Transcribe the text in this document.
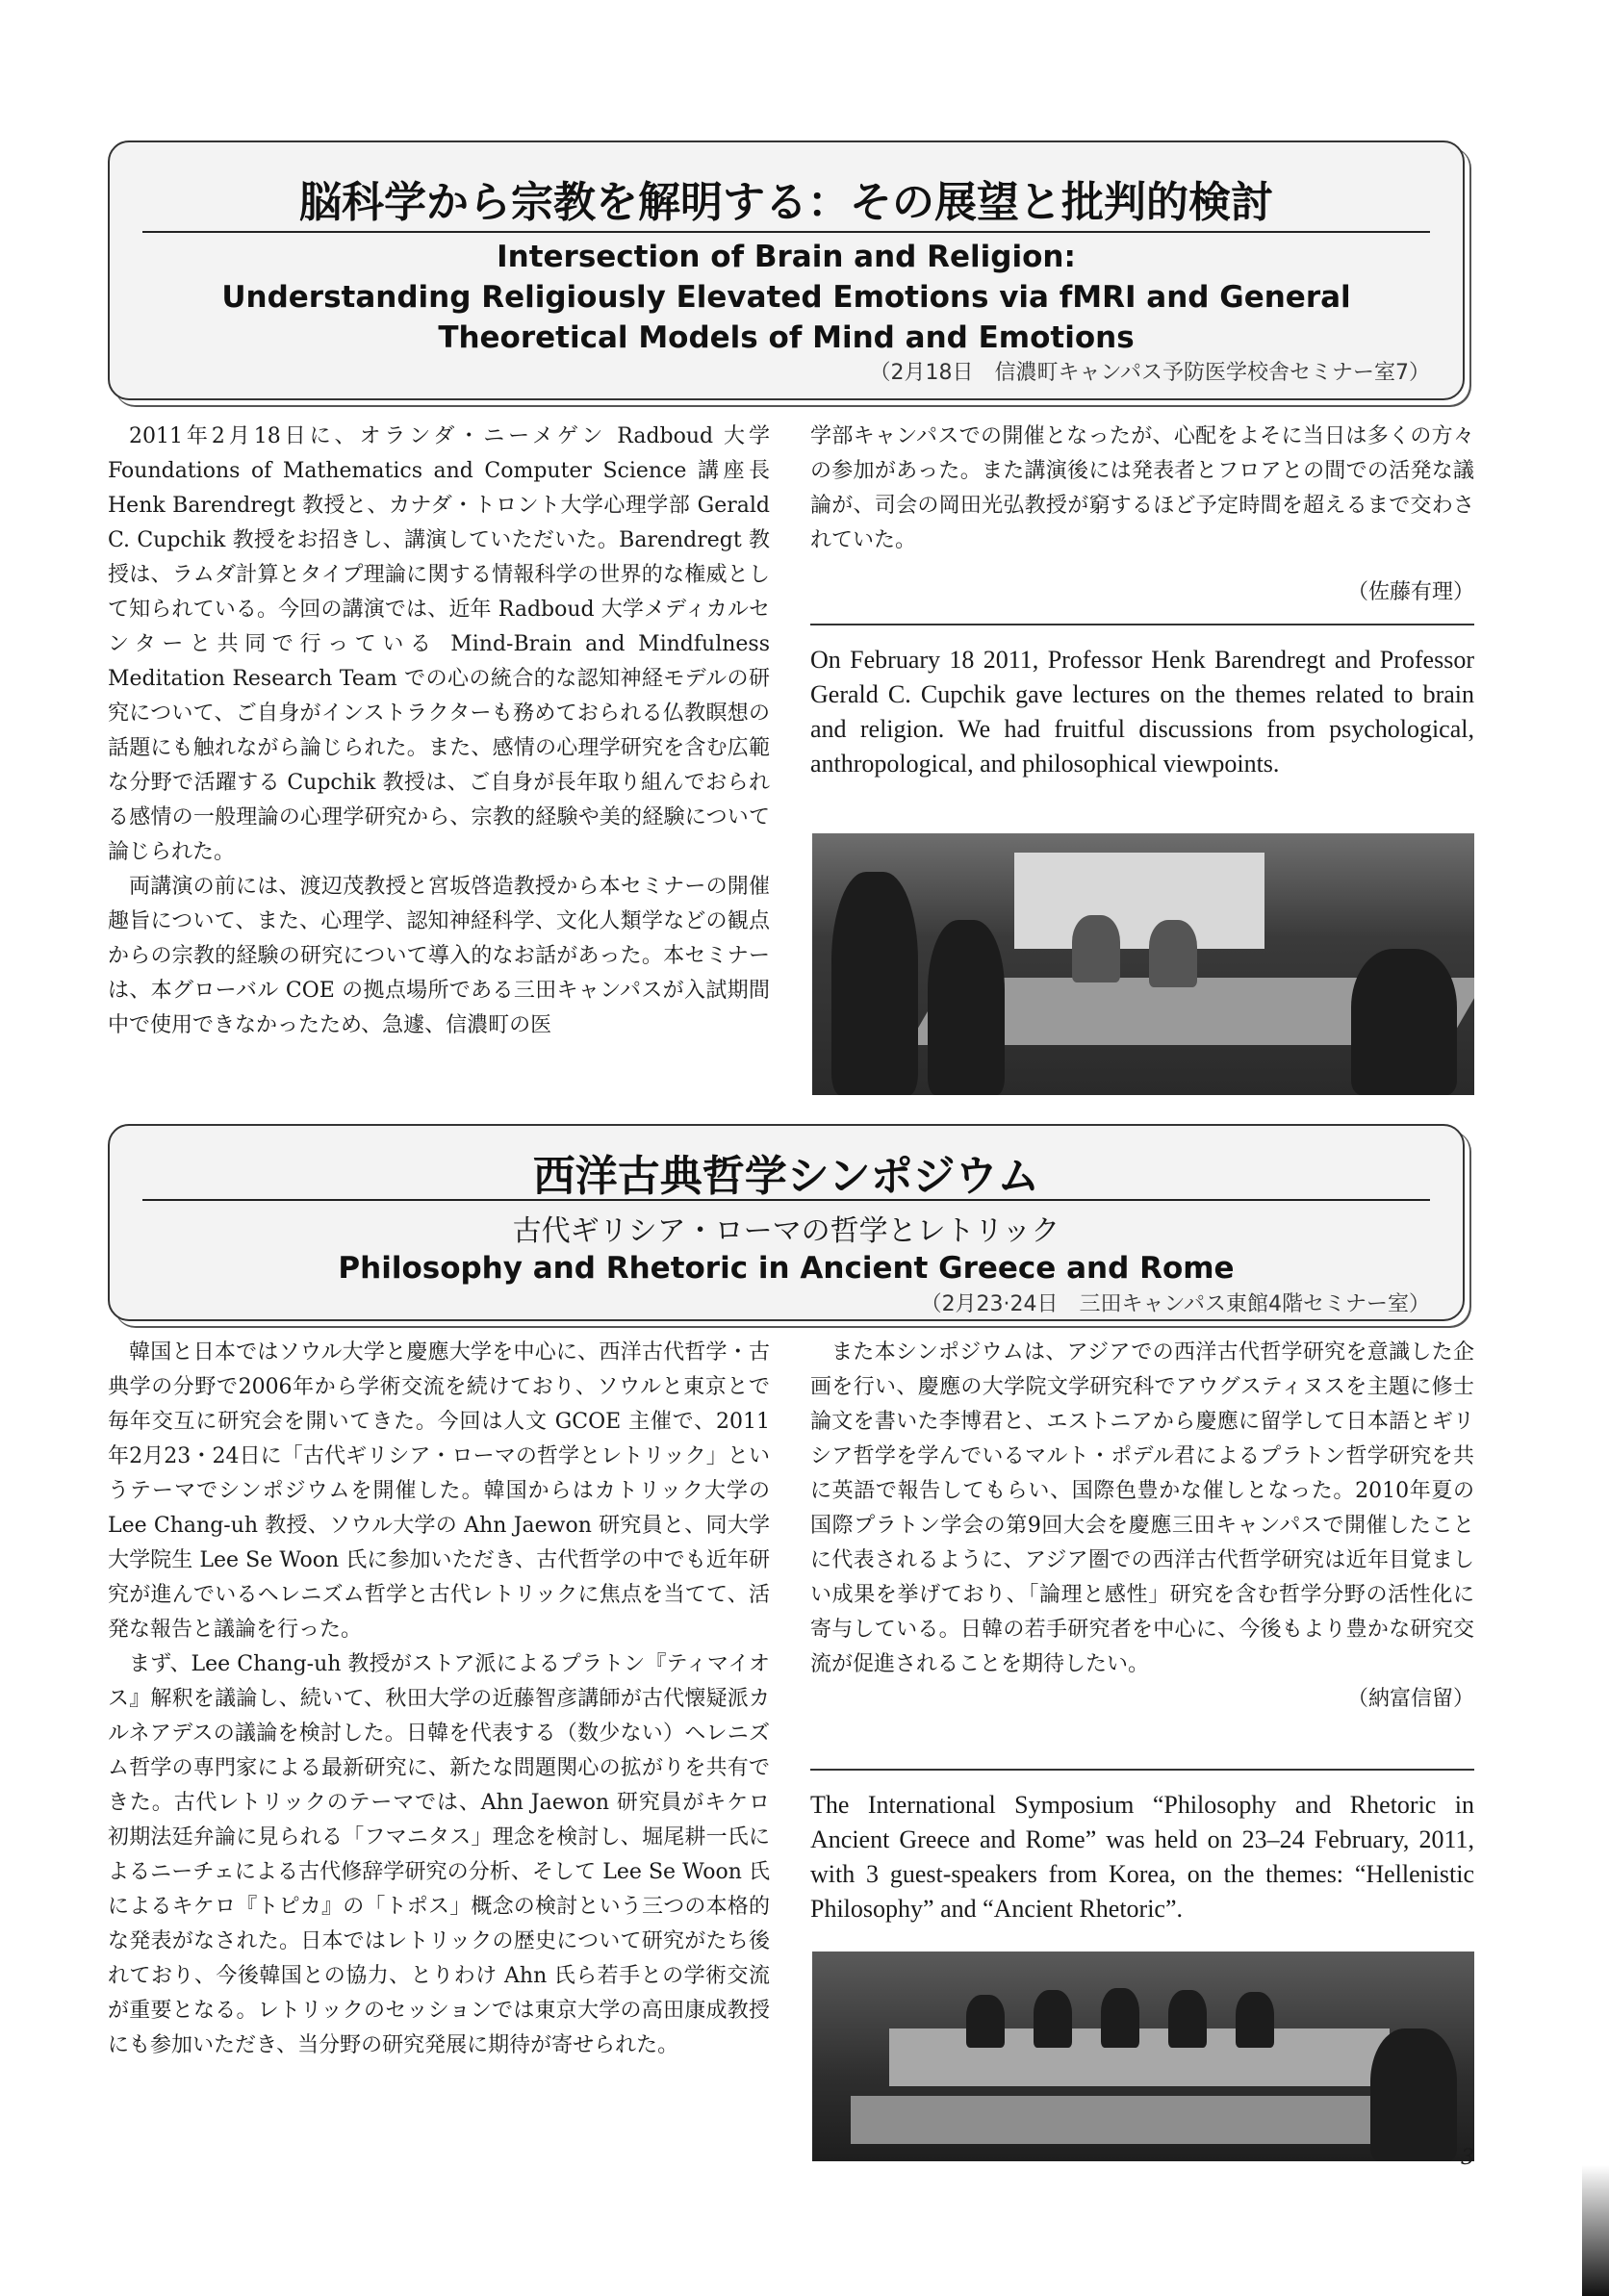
脳科学から宗教を解明する：その展望と批判的検討
Intersection of Brain and Religion:
Understanding Religiously Elevated Emotions via fMRI and General
Theoretical Models of Mind and Emotions
（2月18日　信濃町キャンパス予防医学校舎セミナー室7）

2011年2月18日に、オランダ・ニーメゲン Radboud 大学 Foundations of Mathematics and Computer Science 講座長 Henk Barendregt 教授と、カナダ・トロント大学心理学部 Gerald C. Cupchik 教授をお招きし、講演していただいた。Barendregt 教授は、ラムダ計算とタイプ理論に関する情報科学の世界的な権威として知られている。今回の講演では、近年 Radboud 大学メディカルセンターと共同で行っている Mind-Brain and Mindfulness Meditation Research Team での心の統合的な認知神経モデルの研究について、ご自身がインストラクターも務めておられる仏教瞑想の話題にも触れながら論じられた。また、感情の心理学研究を含む広範な分野で活躍する Cupchik 教授は、ご自身が長年取り組んでおられる感情の一般理論の心理学研究から、宗教的経験や美的経験について論じられた。

両講演の前には、渡辺茂教授と宮坂啓造教授から本セミナーの開催趣旨について、また、心理学、認知神経科学、文化人類学などの観点からの宗教的経験の研究について導入的なお話があった。本セミナーは、本グローバル COE の拠点場所である三田キャンパスが入試期間中で使用できなかったため、急遽、信濃町の医

学部キャンパスでの開催となったが、心配をよそに当日は多くの方々の参加があった。また講演後には発表者とフロアとの間での活発な議論が、司会の岡田光弘教授が窮するほど予定時間を超えるまで交わされていた。

（佐藤有理）

On February 18 2011, Professor Henk Barendregt and Professor Gerald C. Cupchik gave lectures on the themes related to brain and religion. We had fruitful discussions from psychological, anthropological, and philosophical viewpoints.
西洋古典哲学シンポジウム
古代ギリシア・ローマの哲学とレトリック
Philosophy and Rhetoric in Ancient Greece and Rome
（2月23·24日　三田キャンパス東館4階セミナー室）

韓国と日本ではソウル大学と慶應大学を中心に、西洋古代哲学・古典学の分野で2006年から学術交流を続けており、ソウルと東京とで毎年交互に研究会を開いてきた。今回は人文 GCOE 主催で、2011年2月23・24日に「古代ギリシア・ローマの哲学とレトリック」というテーマでシンポジウムを開催した。韓国からはカトリック大学の Lee Chang-uh 教授、ソウル大学の Ahn Jaewon 研究員と、同大学大学院生 Lee Se Woon 氏に参加いただき、古代哲学の中でも近年研究が進んでいるヘレニズム哲学と古代レトリックに焦点を当てて、活発な報告と議論を行った。

まず、Lee Chang-uh 教授がストア派によるプラトン『ティマイオス』解釈を議論し、続いて、秋田大学の近藤智彦講師が古代懐疑派カルネアデスの議論を検討した。日韓を代表する（数少ない）ヘレニズム哲学の専門家による最新研究に、新たな問題関心の拡がりを共有できた。古代レトリックのテーマでは、Ahn Jaewon 研究員がキケロ初期法廷弁論に見られる「フマニタス」理念を検討し、堀尾耕一氏によるニーチェによる古代修辞学研究の分析、そして Lee Se Woon 氏によるキケロ『トピカ』の「トポス」概念の検討という三つの本格的な発表がなされた。日本ではレトリックの歴史について研究がたち後れており、今後韓国との協力、とりわけ Ahn 氏ら若手との学術交流が重要となる。レトリックのセッションでは東京大学の高田康成教授にも参加いただき、当分野の研究発展に期待が寄せられた。

また本シンポジウムは、アジアでの西洋古代哲学研究を意識した企画を行い、慶應の大学院文学研究科でアウグスティヌスを主題に修士論文を書いた李博君と、エストニアから慶應に留学して日本語とギリシア哲学を学んでいるマルト・ポデル君によるプラトン哲学研究を共に英語で報告してもらい、国際色豊かな催しとなった。2010年夏の国際プラトン学会の第9回大会を慶應三田キャンパスで開催したことに代表されるように、アジア圏での西洋古代哲学研究は近年目覚ましい成果を挙げており、「論理と感性」研究を含む哲学分野の活性化に寄与している。日韓の若手研究者を中心に、今後もより豊かな研究交流が促進されることを期待したい。

（納富信留）

The International Symposium “Philosophy and Rhetoric in Ancient Greece and Rome” was held on 23–24 February, 2011, with 3 guest-speakers from Korea, on the themes: “Hellenistic Philosophy” and “Ancient Rhetoric”.
3
